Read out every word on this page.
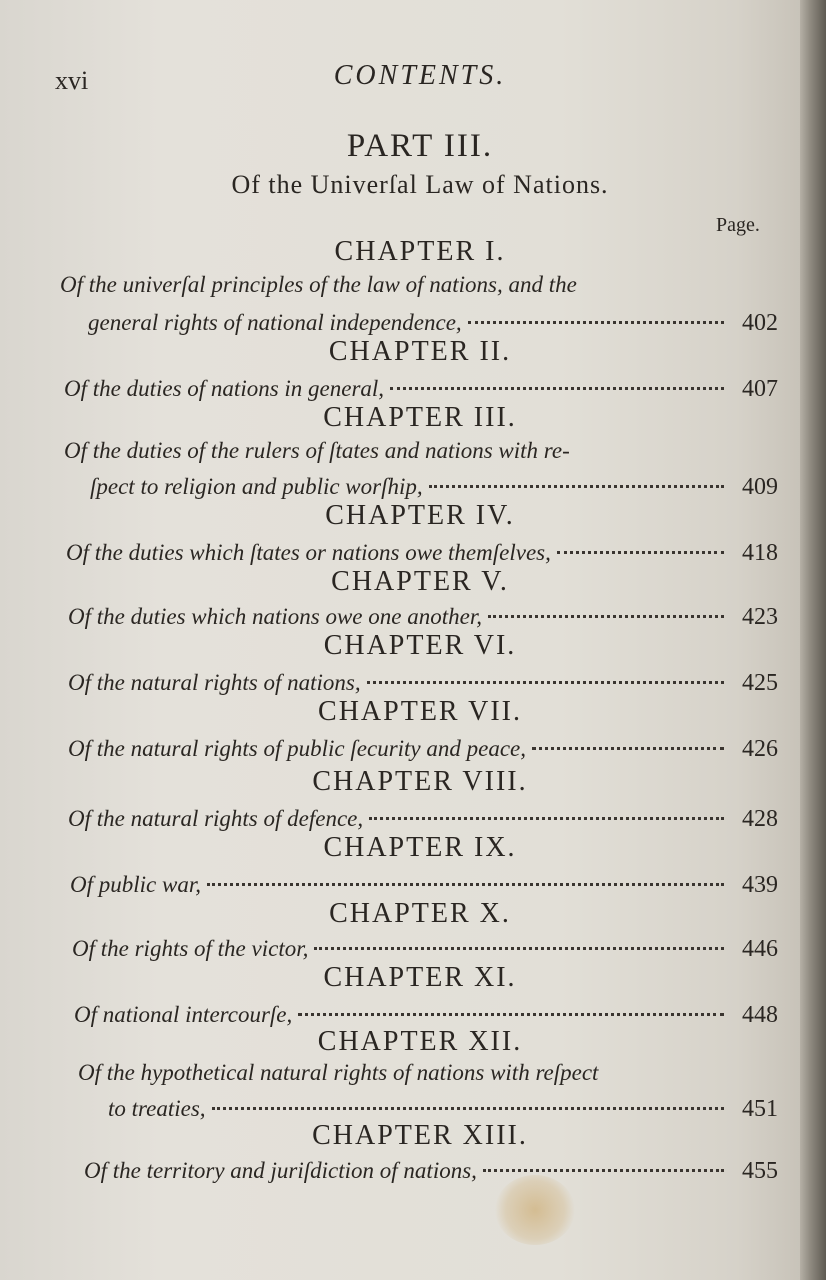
xvi	CONTENTS.
PART III.
Of the Univerſal Law of Nations.
Page.
CHAPTER I.
Of the univerſal principles of the law of nations, and the
general rights of national independence,	402
CHAPTER II.
Of the duties of nations in general,	407
CHAPTER III.
Of the duties of the rulers of ſtates and nations with re-
ſpect to religion and public worſhip,	409
CHAPTER IV.
Of the duties which ſtates or nations owe themſelves,	418
CHAPTER V.
Of the duties which nations owe one another,	423
CHAPTER VI.
Of the natural rights of nations,	425
CHAPTER VII.
Of the natural rights of public ſecurity and peace,	426
CHAPTER VIII.
Of the natural rights of defence,	428
CHAPTER IX.
Of public war,	439
CHAPTER X.
Of the rights of the victor,	446
CHAPTER XI.
Of national intercourſe,	448
CHAPTER XII.
Of the hypothetical natural rights of nations with reſpect
to treaties,	451
CHAPTER XIII.
Of the territory and juriſdiction of nations,	455
